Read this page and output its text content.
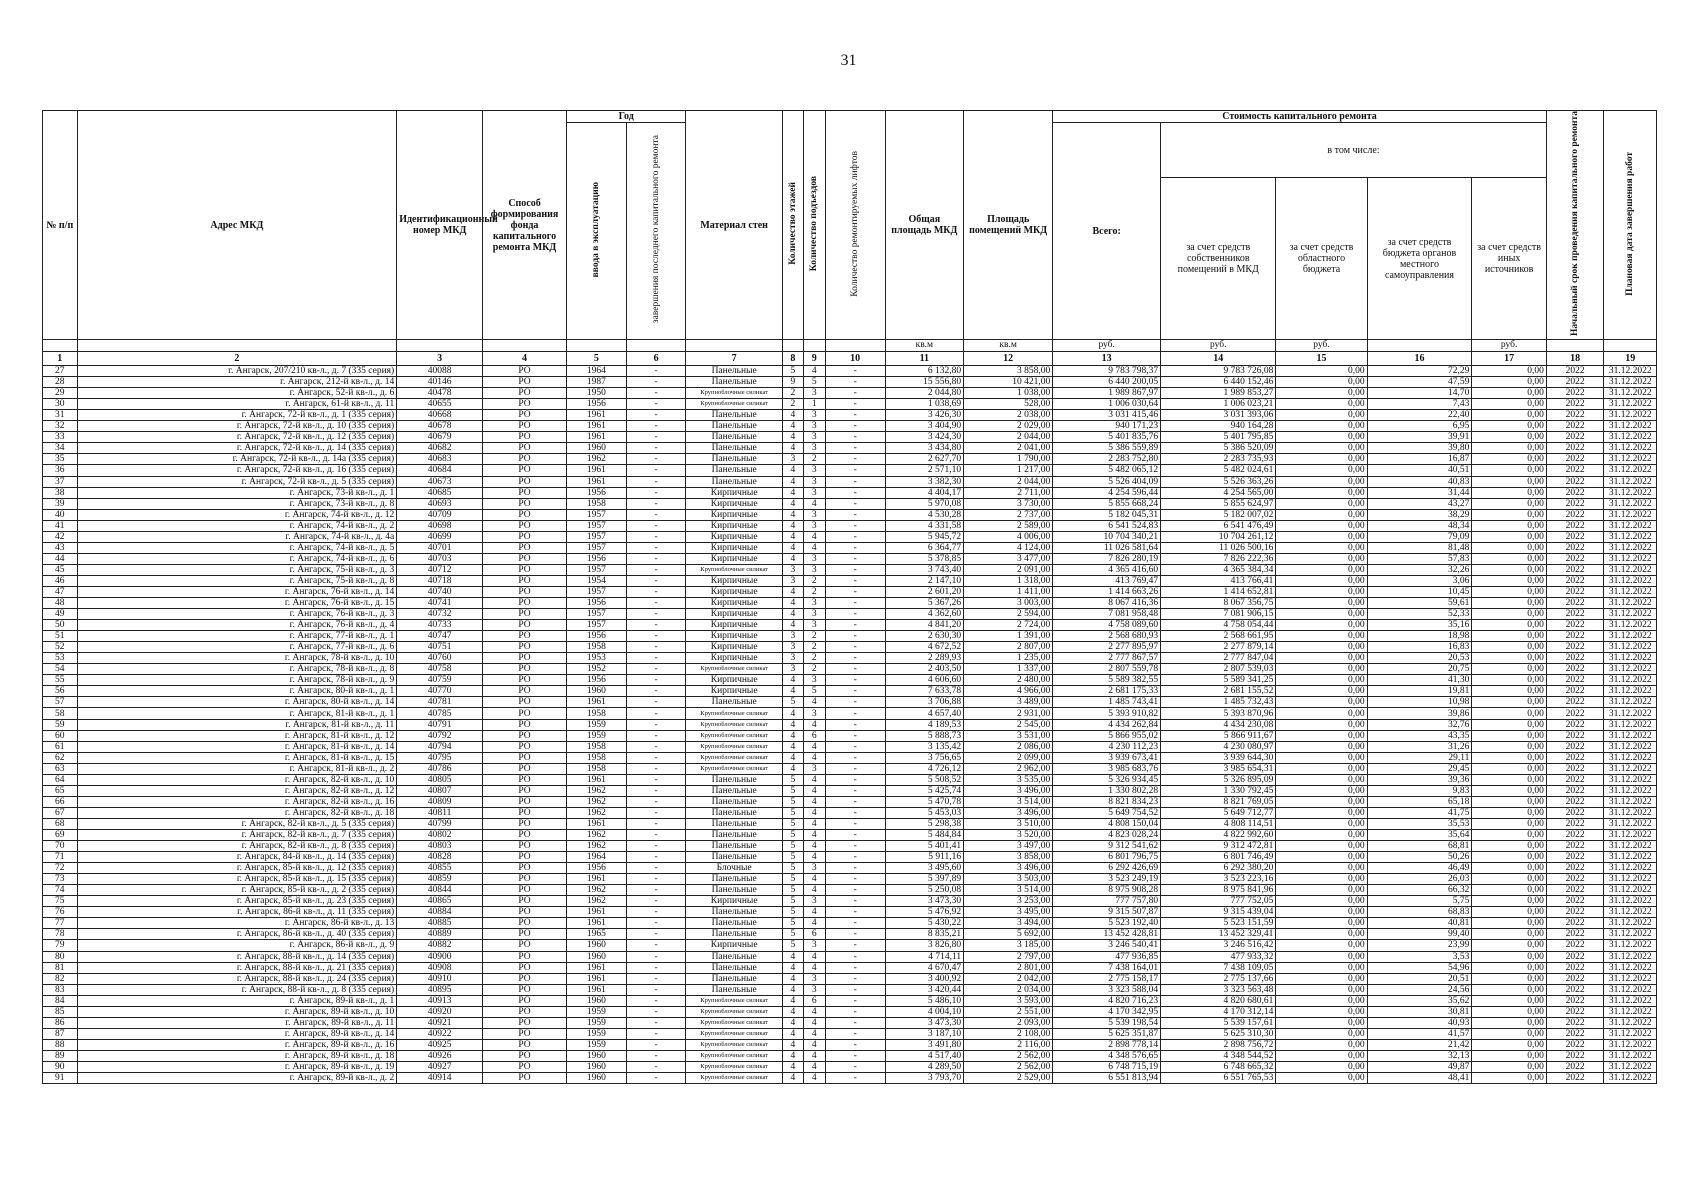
31
№ п/п	Адрес МКД	Идентификационный номер МКД	Способ формирования фонда капитального ремонта МКД	Год		Материал стен	Количество этажей	Количество подъездов	Количество ремонтируемых лифтов	Общая площадь МКД	Площадь помещений МКД	Стоимость капитального ремонта					Начальный срок проведения капитального ремонта	Плановая дата завершения работ
				ввода в эксплуатацию	завершения последнего капитального ремонта							Всего:	в том числе:					
													за счет средств собственников помещений в МКД	за счет средств областного бюджета	за счет средств бюджета органов местного самоуправления	за счет средств иных источников		
										кв.м	кв.м	руб.	руб.	руб.		руб.		
1	2	3	4	5	6	7	8	9	10	11	12	13	14	15	16	17	18	19
27	г. Ангарск, 207/210 кв-л., д. 7 (335 серия)	40088	РО	1964	-	Панельные	5	4	-	6 132,80	3 858,00	9 783 798,37	9 783 726,08	0,00	72,29	0,00	2022	31.12.2022
28	г. Ангарск, 212-й кв-л., д. 14	40146	РО	1987	-	Панельные	9	5	-	15 556,80	10 421,00	6 440 200,05	6 440 152,46	0,00	47,59	0,00	2022	31.12.2022
29	г. Ангарск, 52-й кв-л., д. 6	40478	РО	1950	-	Крупноблочные силикат	2	3	-	2 044,80	1 038,00	1 989 867,97	1 989 853,27	0,00	14,70	0,00	2022	31.12.2022
30	г. Ангарск, 61-й кв-л., д. 11	40655	РО	1956	-	Крупноблочные силикат	2	1	-	1 038,69	528,00	1 006 030,64	1 006 023,21	0,00	7,43	0,00	2022	31.12.2022
31	г. Ангарск, 72-й кв-л., д. 1 (335 серия)	40668	РО	1961	-	Панельные	4	3	-	3 426,30	2 038,00	3 031 415,46	3 031 393,06	0,00	22,40	0,00	2022	31.12.2022
32	г. Ангарск, 72-й кв-л., д. 10 (335 серия)	40678	РО	1961	-	Панельные	4	3	-	3 404,90	2 029,00	940 171,23	940 164,28	0,00	6,95	0,00	2022	31.12.2022
33	г. Ангарск, 72-й кв-л., д. 12 (335 серия)	40679	РО	1961	-	Панельные	4	3	-	3 424,30	2 044,00	5 401 835,76	5 401 795,85	0,00	39,91	0,00	2022	31.12.2022
34	г. Ангарск, 72-й кв-л., д. 14 (335 серия)	40682	РО	1960	-	Панельные	4	3	-	3 434,80	2 041,00	5 386 559,89	5 386 520,09	0,00	39,80	0,00	2022	31.12.2022
35	г. Ангарск, 72-й кв-л., д. 14а (335 серия)	40683	РО	1962	-	Панельные	3	2	-	2 627,70	1 790,00	2 283 752,80	2 283 735,93	0,00	16,87	0,00	2022	31.12.2022
36	г. Ангарск, 72-й кв-л., д. 16 (335 серия)	40684	РО	1961	-	Панельные	4	3	-	2 571,10	1 217,00	5 482 065,12	5 482 024,61	0,00	40,51	0,00	2022	31.12.2022
37	г. Ангарск, 72-й кв-л., д. 5 (335 серия)	40673	РО	1961	-	Панельные	4	3	-	3 382,30	2 044,00	5 526 404,09	5 526 363,26	0,00	40,83	0,00	2022	31.12.2022
38	г. Ангарск, 73-й кв-л., д. 1	40685	РО	1956	-	Кирпичные	4	3	-	4 404,17	2 711,00	4 254 596,44	4 254 565,00	0,00	31,44	0,00	2022	31.12.2022
39	г. Ангарск, 73-й кв-л., д. 8	40693	РО	1958	-	Кирпичные	4	4	-	5 970,08	3 730,00	5 855 668,24	5 855 624,97	0,00	43,27	0,00	2022	31.12.2022
40	г. Ангарск, 74-й кв-л., д. 12	40709	РО	1957	-	Кирпичные	4	3	-	4 530,28	2 737,00	5 182 045,31	5 182 007,02	0,00	38,29	0,00	2022	31.12.2022
41	г. Ангарск, 74-й кв-л., д. 2	40698	РО	1957	-	Кирпичные	4	3	-	4 331,58	2 589,00	6 541 524,83	6 541 476,49	0,00	48,34	0,00	2022	31.12.2022
42	г. Ангарск, 74-й кв-л., д. 4а	40699	РО	1957	-	Кирпичные	4	4	-	5 945,72	4 006,00	10 704 340,21	10 704 261,12	0,00	79,09	0,00	2022	31.12.2022
43	г. Ангарск, 74-й кв-л., д. 5	40701	РО	1957	-	Кирпичные	4	4	-	6 364,77	4 124,00	11 026 581,64	11 026 500,16	0,00	81,48	0,00	2022	31.12.2022
44	г. Ангарск, 74-й кв-л., д. 6	40703	РО	1956	-	Кирпичные	4	3	-	5 378,85	3 477,00	7 826 280,19	7 826 222,36	0,00	57,83	0,00	2022	31.12.2022
45	г. Ангарск, 75-й кв-л., д. 3	40712	РО	1957	-	Крупноблочные силикат	3	3	-	3 743,40	2 091,00	4 365 416,60	4 365 384,34	0,00	32,26	0,00	2022	31.12.2022
46	г. Ангарск, 75-й кв-л., д. 8	40718	РО	1954	-	Кирпичные	3	2	-	2 147,10	1 318,00	413 769,47	413 766,41	0,00	3,06	0,00	2022	31.12.2022
47	г. Ангарск, 76-й кв-л., д. 14	40740	РО	1957	-	Кирпичные	4	2	-	2 601,20	1 411,00	1 414 663,26	1 414 652,81	0,00	10,45	0,00	2022	31.12.2022
48	г. Ангарск, 76-й кв-л., д. 15	40741	РО	1956	-	Кирпичные	4	3	-	5 367,26	3 003,00	8 067 416,36	8 067 356,75	0,00	59,61	0,00	2022	31.12.2022
49	г. Ангарск, 76-й кв-л., д. 3	40732	РО	1957	-	Кирпичные	4	3	-	4 362,60	2 594,00	7 081 958,48	7 081 906,15	0,00	52,33	0,00	2022	31.12.2022
50	г. Ангарск, 76-й кв-л., д. 4	40733	РО	1957	-	Кирпичные	4	3	-	4 841,20	2 724,00	4 758 089,60	4 758 054,44	0,00	35,16	0,00	2022	31.12.2022
51	г. Ангарск, 77-й кв-л., д. 1	40747	РО	1956	-	Кирпичные	3	2	-	2 630,30	1 391,00	2 568 680,93	2 568 661,95	0,00	18,98	0,00	2022	31.12.2022
52	г. Ангарск, 77-й кв-л., д. 6	40751	РО	1958	-	Кирпичные	3	2	-	4 672,52	2 807,00	2 277 895,97	2 277 879,14	0,00	16,83	0,00	2022	31.12.2022
53	г. Ангарск, 78-й кв-л., д. 10	40760	РО	1953	-	Кирпичные	3	2	-	2 289,93	1 235,00	2 777 867,57	2 777 847,04	0,00	20,53	0,00	2022	31.12.2022
54	г. Ангарск, 78-й кв-л., д. 8	40758	РО	1952	-	Крупноблочные силикат	3	2	-	2 403,50	1 337,00	2 807 559,78	2 807 539,03	0,00	20,75	0,00	2022	31.12.2022
55	г. Ангарск, 78-й кв-л., д. 9	40759	РО	1956	-	Кирпичные	4	3	-	4 606,60	2 480,00	5 589 382,55	5 589 341,25	0,00	41,30	0,00	2022	31.12.2022
56	г. Ангарск, 80-й кв-л., д. 1	40770	РО	1960	-	Кирпичные	4	5	-	7 633,78	4 966,00	2 681 175,33	2 681 155,52	0,00	19,81	0,00	2022	31.12.2022
57	г. Ангарск, 80-й кв-л., д. 14	40781	РО	1961	-	Панельные	5	4	-	3 706,88	3 489,00	1 485 743,41	1 485 732,43	0,00	10,98	0,00	2022	31.12.2022
58	г. Ангарск, 81-й кв-л., д. 1	40785	РО	1958	-	Крупноблочные силикат	4	3	-	4 657,40	2 931,00	5 393 910,82	5 393 870,96	0,00	39,86	0,00	2022	31.12.2022
59	г. Ангарск, 81-й кв-л., д. 11	40791	РО	1959	-	Крупноблочные силикат	4	4	-	4 189,53	2 545,00	4 434 262,84	4 434 230,08	0,00	32,76	0,00	2022	31.12.2022
60	г. Ангарск, 81-й кв-л., д. 12	40792	РО	1959	-	Крупноблочные силикат	4	6	-	5 888,73	3 531,00	5 866 955,02	5 866 911,67	0,00	43,35	0,00	2022	31.12.2022
61	г. Ангарск, 81-й кв-л., д. 14	40794	РО	1958	-	Крупноблочные силикат	4	4	-	3 135,42	2 086,00	4 230 112,23	4 230 080,97	0,00	31,26	0,00	2022	31.12.2022
62	г. Ангарск, 81-й кв-л., д. 15	40795	РО	1958	-	Крупноблочные силикат	4	4	-	3 756,65	2 099,00	3 939 673,41	3 939 644,30	0,00	29,11	0,00	2022	31.12.2022
63	г. Ангарск, 81-й кв-л., д. 2	40786	РО	1958	-	Крупноблочные силикат	4	3	-	4 726,12	2 962,00	3 985 683,76	3 985 654,31	0,00	29,45	0,00	2022	31.12.2022
64	г. Ангарск, 82-й кв-л., д. 10	40805	РО	1961	-	Панельные	5	4	-	5 508,52	3 535,00	5 326 934,45	5 326 895,09	0,00	39,36	0,00	2022	31.12.2022
65	г. Ангарск, 82-й кв-л., д. 12	40807	РО	1962	-	Панельные	5	4	-	5 425,74	3 496,00	1 330 802,28	1 330 792,45	0,00	9,83	0,00	2022	31.12.2022
66	г. Ангарск, 82-й кв-л., д. 16	40809	РО	1962	-	Панельные	5	4	-	5 470,78	3 514,00	8 821 834,23	8 821 769,05	0,00	65,18	0,00	2022	31.12.2022
67	г. Ангарск, 82-й кв-л., д. 18	40811	РО	1962	-	Панельные	5	4	-	5 453,03	3 496,00	5 649 754,52	5 649 712,77	0,00	41,75	0,00	2022	31.12.2022
68	г. Ангарск, 82-й кв-л., д. 5 (335 серия)	40799	РО	1961	-	Панельные	5	4	-	5 298,38	3 510,00	4 808 150,04	4 808 114,51	0,00	35,53	0,00	2022	31.12.2022
69	г. Ангарск, 82-й кв-л., д. 7 (335 серия)	40802	РО	1962	-	Панельные	5	4	-	5 484,84	3 520,00	4 823 028,24	4 822 992,60	0,00	35,64	0,00	2022	31.12.2022
70	г. Ангарск, 82-й кв-л., д. 8 (335 серия)	40803	РО	1962	-	Панельные	5	4	-	5 401,41	3 497,00	9 312 541,62	9 312 472,81	0,00	68,81	0,00	2022	31.12.2022
71	г. Ангарск, 84-й кв-л., д. 14 (335 серия)	40828	РО	1964	-	Панельные	5	4	-	5 911,16	3 858,00	6 801 796,75	6 801 746,49	0,00	50,26	0,00	2022	31.12.2022
72	г. Ангарск, 85-й кв-л., д. 12 (335 серия)	40855	РО	1956	-	Блочные	5	3	-	3 495,60	3 496,00	6 292 426,69	6 292 380,20	0,00	46,49	0,00	2022	31.12.2022
73	г. Ангарск, 85-й кв-л., д. 15 (335 серия)	40859	РО	1961	-	Панельные	5	4	-	5 397,89	3 503,00	3 523 249,19	3 523 223,16	0,00	26,03	0,00	2022	31.12.2022
74	г. Ангарск, 85-й кв-л., д. 2 (335 серия)	40844	РО	1962	-	Панельные	5	4	-	5 250,08	3 514,00	8 975 908,28	8 975 841,96	0,00	66,32	0,00	2022	31.12.2022
75	г. Ангарск, 85-й кв-л., д. 23 (335 серия)	40865	РО	1962	-	Кирпичные	5	3	-	3 473,30	3 253,00	777 757,80	777 752,05	0,00	5,75	0,00	2022	31.12.2022
76	г. Ангарск, 86-й кв-л., д. 11 (335 серия)	40884	РО	1961	-	Панельные	5	4	-	5 476,92	3 495,00	9 315 507,87	9 315 439,04	0,00	68,83	0,00	2022	31.12.2022
77	г. Ангарск, 86-й кв-л., д. 13	40885	РО	1961	-	Панельные	5	4	-	5 430,22	3 494,00	5 523 192,40	5 523 151,59	0,00	40,81	0,00	2022	31.12.2022
78	г. Ангарск, 86-й кв-л., д. 40 (335 серия)	40889	РО	1965	-	Панельные	5	6	-	8 835,21	5 692,00	13 452 428,81	13 452 329,41	0,00	99,40	0,00	2022	31.12.2022
79	г. Ангарск, 86-й кв-л., д. 9	40882	РО	1960	-	Кирпичные	5	3	-	3 826,80	3 185,00	3 246 540,41	3 246 516,42	0,00	23,99	0,00	2022	31.12.2022
80	г. Ангарск, 88-й кв-л., д. 14 (335 серия)	40900	РО	1960	-	Панельные	4	4	-	4 714,11	2 797,00	477 936,85	477 933,32	0,00	3,53	0,00	2022	31.12.2022
81	г. Ангарск, 88-й кв-л., д. 21 (335 серия)	40908	РО	1961	-	Панельные	4	4	-	4 670,47	2 801,00	7 438 164,01	7 438 109,05	0,00	54,96	0,00	2022	31.12.2022
82	г. Ангарск, 88-й кв-л., д. 24 (335 серия)	40910	РО	1961	-	Панельные	4	3	-	3 400,92	2 042,00	2 775 158,17	2 775 137,66	0,00	20,51	0,00	2022	31.12.2022
83	г. Ангарск, 88-й кв-л., д. 8 (335 серия)	40895	РО	1961	-	Панельные	4	3	-	3 420,44	2 034,00	3 323 588,04	3 323 563,48	0,00	24,56	0,00	2022	31.12.2022
84	г. Ангарск, 89-й кв-л., д. 1	40913	РО	1960	-	Крупноблочные силикат	4	6	-	5 486,10	3 593,00	4 820 716,23	4 820 680,61	0,00	35,62	0,00	2022	31.12.2022
85	г. Ангарск, 89-й кв-л., д. 10	40920	РО	1959	-	Крупноблочные силикат	4	4	-	4 004,10	2 551,00	4 170 342,95	4 170 312,14	0,00	30,81	0,00	2022	31.12.2022
86	г. Ангарск, 89-й кв-л., д. 11	40921	РО	1959	-	Крупноблочные силикат	4	4	-	3 473,30	2 093,00	5 539 198,54	5 539 157,61	0,00	40,93	0,00	2022	31.12.2022
87	г. Ангарск, 89-й кв-л., д. 14	40922	РО	1959	-	Крупноблочные силикат	4	4	-	3 187,10	2 108,00	5 625 351,87	5 625 310,30	0,00	41,57	0,00	2022	31.12.2022
88	г. Ангарск, 89-й кв-л., д. 16	40925	РО	1959	-	Крупноблочные силикат	4	4	-	3 491,80	2 116,00	2 898 778,14	2 898 756,72	0,00	21,42	0,00	2022	31.12.2022
89	г. Ангарск, 89-й кв-л., д. 18	40926	РО	1960	-	Крупноблочные силикат	4	4	-	4 517,40	2 562,00	4 348 576,65	4 348 544,52	0,00	32,13	0,00	2022	31.12.2022
90	г. Ангарск, 89-й кв-л., д. 19	40927	РО	1960	-	Крупноблочные силикат	4	4	-	4 289,50	2 562,00	6 748 715,19	6 748 665,32	0,00	49,87	0,00	2022	31.12.2022
91	г. Ангарск, 89-й кв-л., д. 2	40914	РО	1960	-	Крупноблочные силикат	4	4	-	3 793,70	2 529,00	6 551 813,94	6 551 765,53	0,00	48,41	0,00	2022	31.12.2022
